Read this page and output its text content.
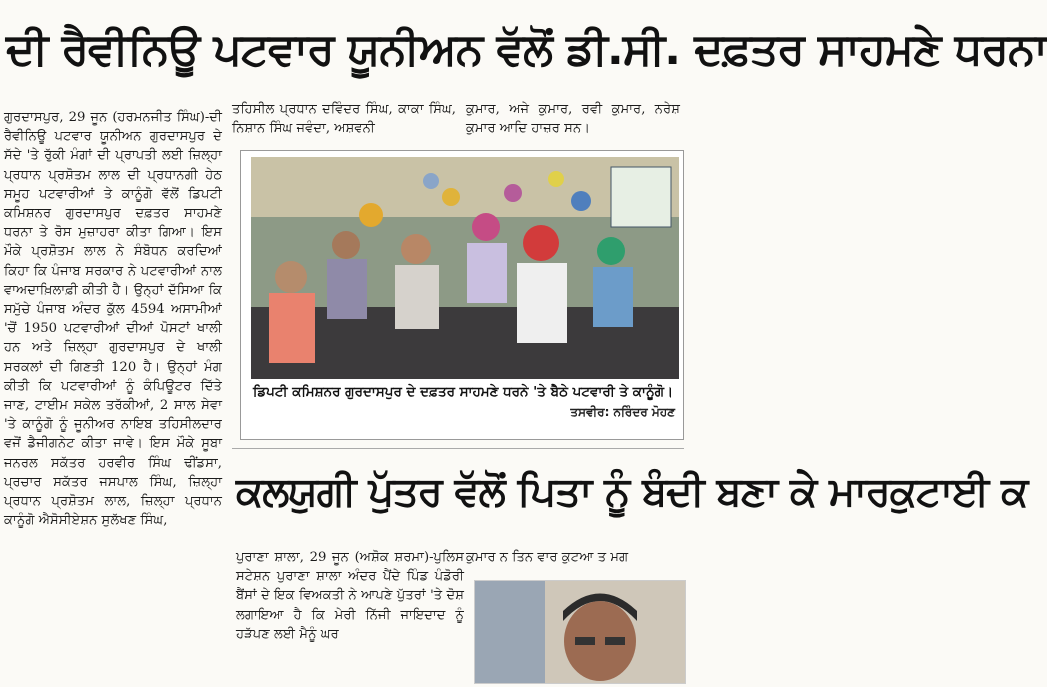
ਦੀ ਰੈਵੀਨਿਊ ਪਟਵਾਰ ਯੂਨੀਅਨ ਵੱਲੋਂ ਡੀ.ਸੀ. ਦਫ਼ਤਰ ਸਾਹਮਣੇ ਧਰਨਾ

ਗੁਰਦਾਸਪੁਰ, 29 ਜੂਨ (ਹਰਮਨਜੀਤ ਸਿੰਘ)-ਦੀ ਰੈਵੀਨਿਊ ਪਟਵਾਰ ਯੂਨੀਅਨ ਗੁਰਦਾਸਪੁਰ ਦੇ ਸੱਦੇ 'ਤੇ ਰੁੱਕੀ ਮੰਗਾਂ ਦੀ ਪ੍ਰਾਪਤੀ ਲਈ ਜ਼ਿਲ੍ਹਾ ਪ੍ਰਧਾਨ ਪ੍ਰਸ਼ੋਤਮ ਲਾਲ ਦੀ ਪ੍ਰਧਾਨਗੀ ਹੇਠ ਸਮੂਹ ਪਟਵਾਰੀਆਂ ਤੇ ਕਾਨੂੰਗੋ ਵੱਲੋਂ ਡਿਪਟੀ ਕਮਿਸ਼ਨਰ ਗੁਰਦਾਸਪੁਰ ਦਫ਼ਤਰ ਸਾਹਮਣੇ ਧਰਨਾ ਤੇ ਰੋਸ ਮੁਜ਼ਾਹਰਾ ਕੀਤਾ ਗਿਆ। ਇਸ ਮੌਕੇ ਪ੍ਰਸ਼ੋਤਮ ਲਾਲ ਨੇ ਸੰਬੋਧਨ ਕਰਦਿਆਂ ਕਿਹਾ ਕਿ ਪੰਜਾਬ ਸਰਕਾਰ ਨੇ ਪਟਵਾਰੀਆਂ ਨਾਲ ਵਾਅਦਾਖ਼ਿਲਾਫ਼ੀ ਕੀਤੀ ਹੈ। ਉਨ੍ਹਾਂ ਦੱਸਿਆ ਕਿ ਸਮੁੱਚੇ ਪੰਜਾਬ ਅੰਦਰ ਕੁੱਲ 4594 ਅਸਾਮੀਆਂ 'ਚੋਂ 1950 ਪਟਵਾਰੀਆਂ ਦੀਆਂ ਪੋਸਟਾਂ ਖਾਲੀ ਹਨ ਅਤੇ ਜ਼ਿਲ੍ਹਾ ਗੁਰਦਾਸਪੁਰ ਦੇ ਖਾਲੀ ਸਰਕਲਾਂ ਦੀ ਗਿਣਤੀ 120 ਹੈ। ਉਨ੍ਹਾਂ ਮੰਗ ਕੀਤੀ ਕਿ ਪਟਵਾਰੀਆਂ ਨੂੰ ਕੰਪਿਊਟਰ ਦਿੱਤੇ ਜਾਣ, ਟਾਈਮ ਸਕੇਲ ਤਰੱਕੀਆਂ, 2 ਸਾਲ ਸੇਵਾ 'ਤੇ ਕਾਨੂੰਗੋ ਨੂੰ ਜੂਨੀਅਰ ਨਾਇਬ ਤਹਿਸੀਲਦਾਰ ਵਜੋਂ ਡੈਜੀਗਨੇਟ ਕੀਤਾ ਜਾਵੇ। ਇਸ ਮੌਕੇ ਸੂਬਾ ਜਨਰਲ ਸਕੱਤਰ ਹਰਵੀਰ ਸਿੰਘ ਢੀਂਡਸਾ, ਪ੍ਰਚਾਰ ਸਕੱਤਰ ਜਸਪਾਲ ਸਿੰਘ, ਜ਼ਿਲ੍ਹਾ ਪ੍ਰਧਾਨ ਪ੍ਰਸ਼ੋਤਮ ਲਾਲ, ਜ਼ਿਲ੍ਹਾ ਪ੍ਰਧਾਨ ਕਾਨੂੰਗੋ ਐਸੋਸੀਏਸ਼ਨ ਸੁਲੱਖਣ ਸਿੰਘ,

ਤਹਿਸੀਲ ਪ੍ਰਧਾਨ ਦਵਿੰਦਰ ਸਿੰਘ, ਕਾਕਾ ਸਿੰਘ, ਨਿਸ਼ਾਨ ਸਿੰਘ ਜਵੰਦਾ, ਅਸ਼ਵਨੀ

ਕੁਮਾਰ, ਅਜੇ ਕੁਮਾਰ, ਰਵੀ ਕੁਮਾਰ, ਨਰੇਸ਼ ਕੁਮਾਰ ਆਦਿ ਹਾਜ਼ਰ ਸਨ।

ਡਿਪਟੀ ਕਮਿਸ਼ਨਰ ਗੁਰਦਾਸਪੁਰ ਦੇ ਦਫ਼ਤਰ ਸਾਹਮਣੇ ਧਰਨੇ 'ਤੇ ਬੈਠੇ ਪਟਵਾਰੀ ਤੇ ਕਾਨੂੰਗੋ।
ਤਸਵੀਰ: ਨਰਿੰਦਰ ਮੋਹਣ
ਕਲਯੁਗੀ ਪੁੱਤਰ ਵੱਲੋਂ ਪਿਤਾ ਨੂੰ ਬੰਦੀ ਬਣਾ ਕੇ ਮਾਰਕੁਟਾਈ ਕ

ਪੁਰਾਣਾ ਸ਼ਾਲਾ, 29 ਜੂਨ (ਅਸ਼ੋਕ ਸ਼ਰਮਾ)-ਪੁਲਿਸ ਸਟੇਸ਼ਨ ਪੁਰਾਣਾ ਸ਼ਾਲਾ ਅੰਦਰ ਪੈਂਦੇ ਪਿੰਡ ਪੰਡੋਰੀ ਬੈਂਸਾਂ ਦੇ ਇਕ ਵਿਅਕਤੀ ਨੇ ਆਪਣੇ ਪੁੱਤਰਾਂ 'ਤੇ ਦੋਸ਼ ਲਗਾਇਆ ਹੈ ਕਿ ਮੇਰੀ ਨਿੱਜੀ ਜਾਇਦਾਦ ਨੂੰ ਹੜੱਪਣ ਲਈ ਮੈਨੂੰ ਘਰ

ਕੁਮਾਰ ਨ ਤਿਨ ਵਾਰ ਕੁਟਆ ਤ ਮਗ
